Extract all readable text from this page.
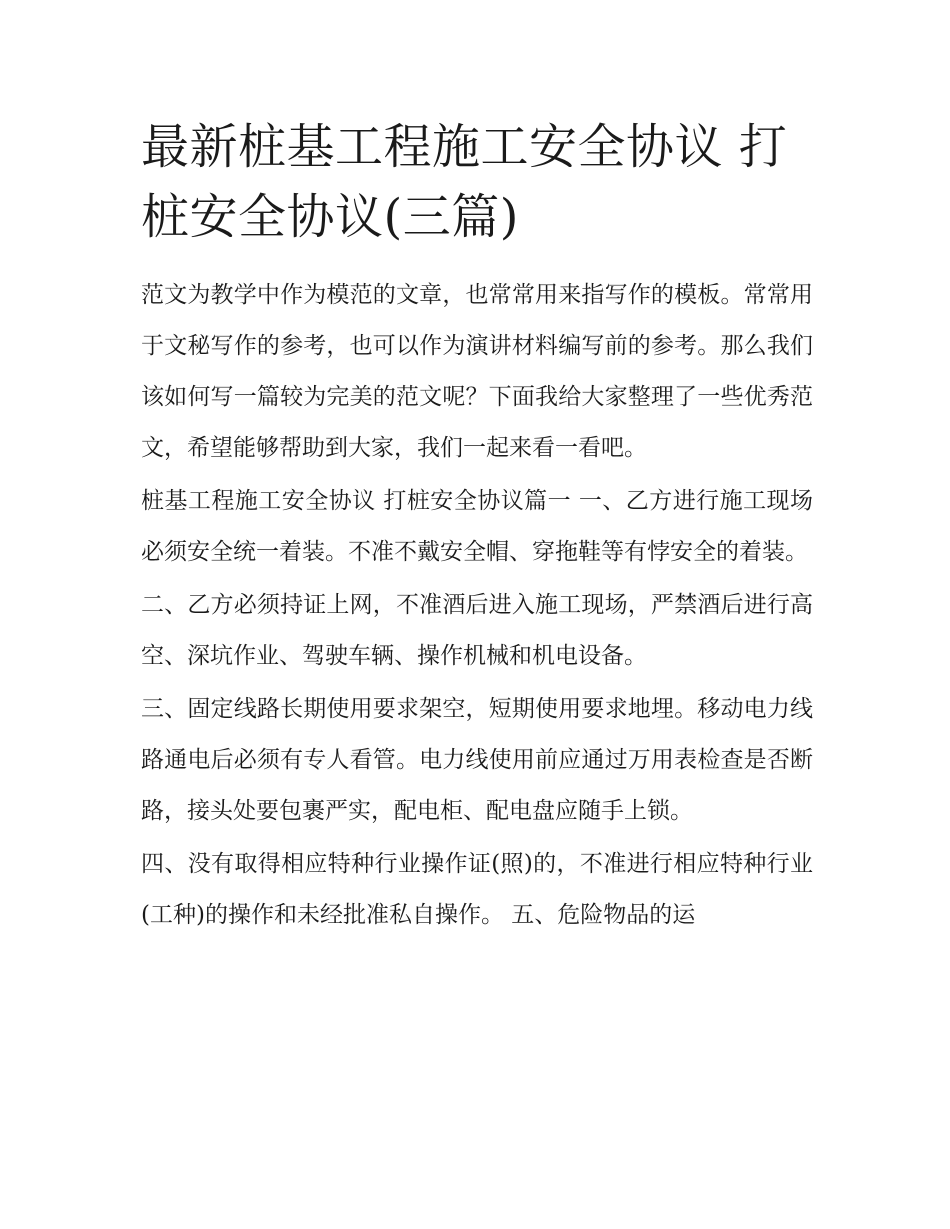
最新桩基工程施工安全协议 打桩安全协议(三篇)

范文为教学中作为模范的文章，也常常用来指写作的模板。常常用于文秘写作的参考，也可以作为演讲材料编写前的参考。那么我们该如何写一篇较为完美的范文呢？下面我给大家整理了一些优秀范文，希望能够帮助到大家，我们一起来看一看吧。

桩基工程施工安全协议 打桩安全协议篇一 一、乙方进行施工现场必须安全统一着装。不准不戴安全帽、穿拖鞋等有悖安全的着装。

二、乙方必须持证上网，不准酒后进入施工现场，严禁酒后进行高空、深坑作业、驾驶车辆、操作机械和机电设备。

三、固定线路长期使用要求架空，短期使用要求地埋。移动电力线路通电后必须有专人看管。电力线使用前应通过万用表检查是否断路，接头处要包裹严实，配电柜、配电盘应随手上锁。

四、没有取得相应特种行业操作证(照)的，不准进行相应特种行业(工种)的操作和未经批准私自操作。 五、危险物品的运
